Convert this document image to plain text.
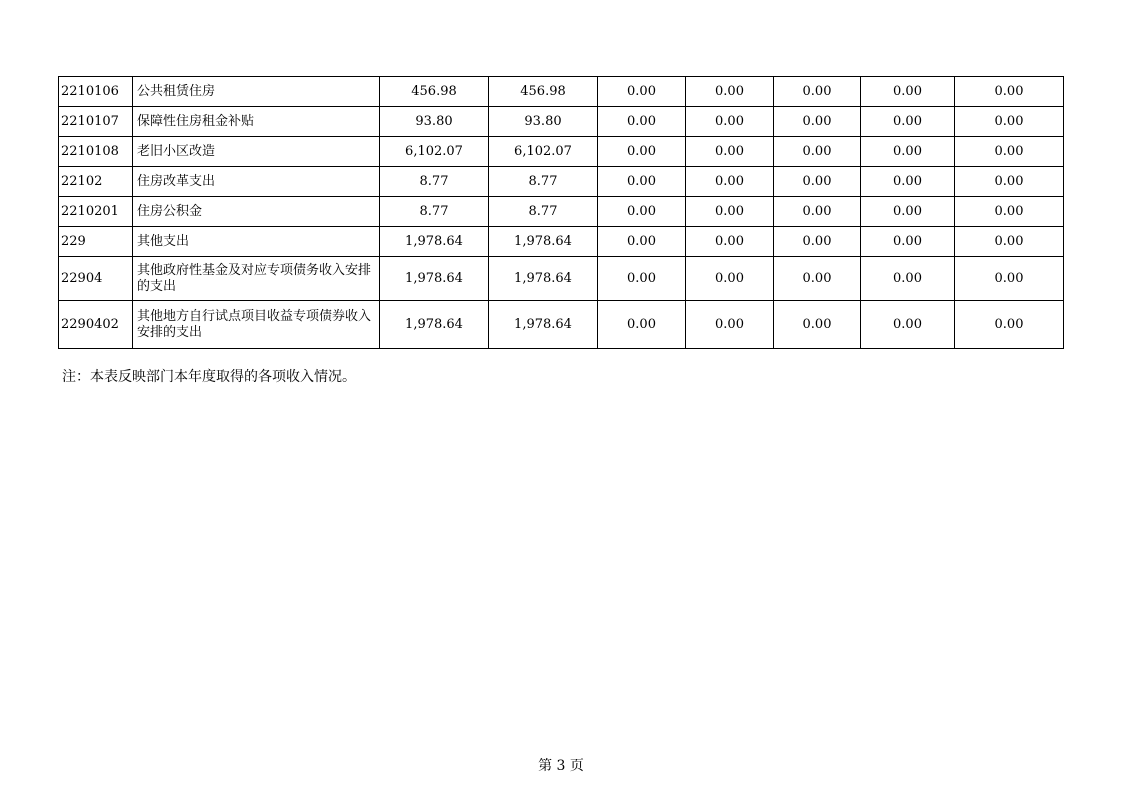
2210106	公共租赁住房	456.98	456.98	0.00	0.00	0.00	0.00	0.00
2210107	保障性住房租金补贴	93.80	93.80	0.00	0.00	0.00	0.00	0.00
2210108	老旧小区改造	6,102.07	6,102.07	0.00	0.00	0.00	0.00	0.00
22102	住房改革支出	8.77	8.77	0.00	0.00	0.00	0.00	0.00
2210201	住房公积金	8.77	8.77	0.00	0.00	0.00	0.00	0.00
229	其他支出	1,978.64	1,978.64	0.00	0.00	0.00	0.00	0.00
22904	其他政府性基金及对应专项债务收入安排的支出	1,978.64	1,978.64	0.00	0.00	0.00	0.00	0.00
2290402	其他地方自行试点项目收益专项债券收入安排的支出	1,978.64	1,978.64	0.00	0.00	0.00	0.00	0.00
注：本表反映部门本年度取得的各项收入情况。
第 3 页
